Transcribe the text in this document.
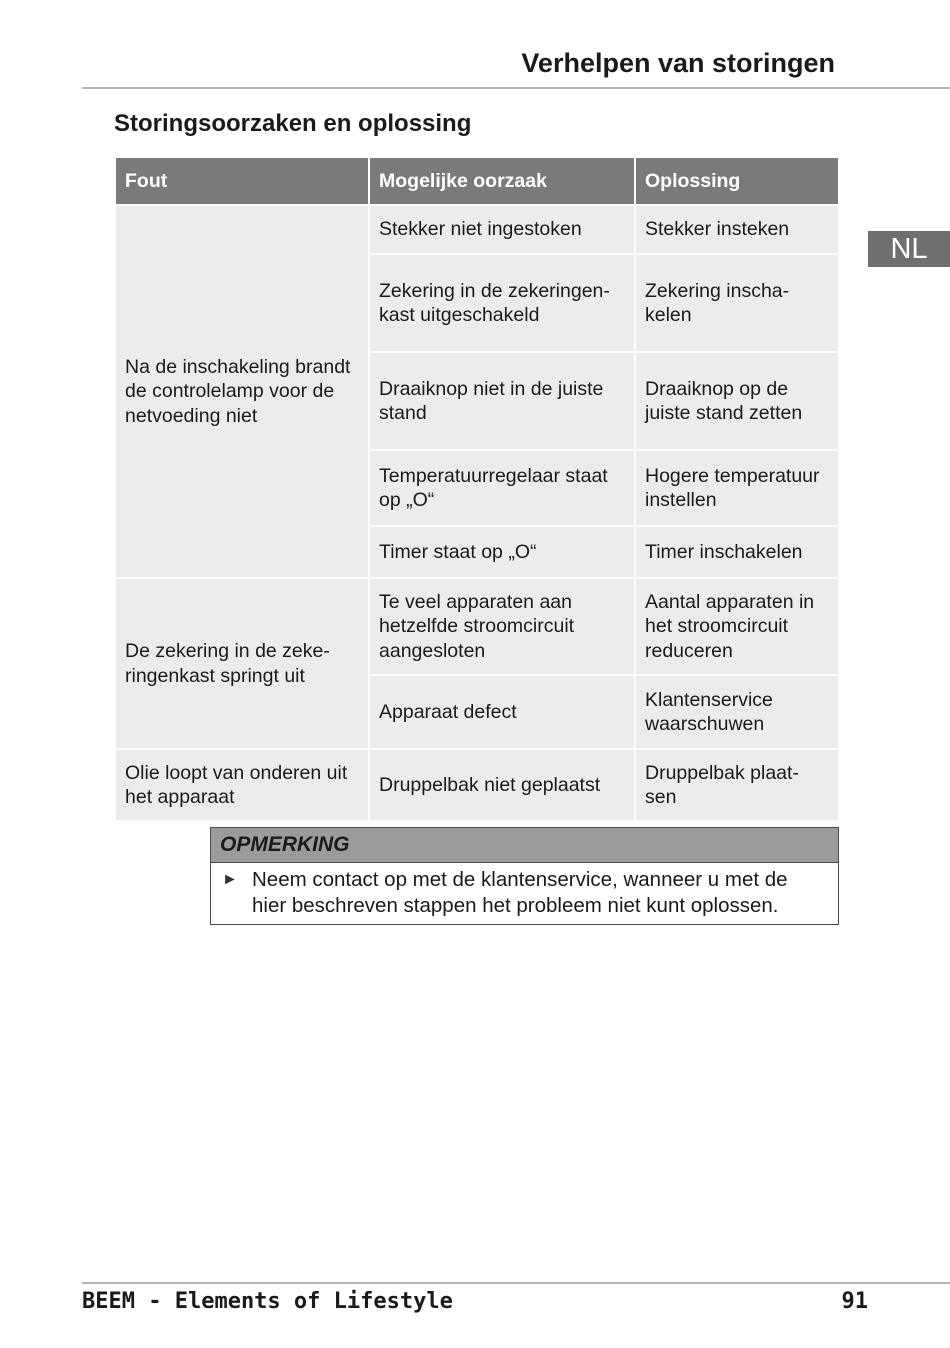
Verhelpen van storingen
Storingsoorzaken en oplossing
NL
Fout	Mogelijke oorzaak	Oplossing
Na de inschakeling brandt de controlelamp voor de netvoeding niet	Stekker niet ingestoken	Stekker insteken
	Zekering in de zekeringen-kast uitgeschakeld	Zekering inscha-kelen
	Draaiknop niet in de juiste stand	Draaiknop op de juiste stand zetten
	Temperatuurregelaar staat op „O“	Hogere temperatuur instellen
	Timer staat op „O“	Timer inschakelen
De zekering in de zeke-ringenkast springt uit	Te veel apparaten aan hetzelfde stroomcircuit aangesloten	Aantal apparaten in het stroomcircuit reduceren
	Apparaat defect	Klantenservice waarschuwen
Olie loopt van onderen uit het apparaat	Druppelbak niet geplaatst	Druppelbak plaat-sen
OPMERKING
► Neem contact op met de klantenservice, wanneer u met de hier beschreven stappen het probleem niet kunt oplossen.
BEEM - Elements of Lifestyle	91
